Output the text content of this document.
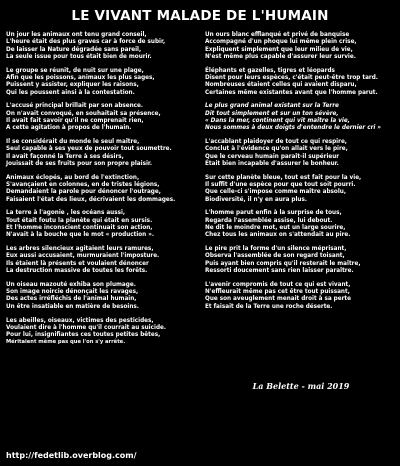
LE VIVANT MALADE DE L'HUMAIN
Un jour les animaux ont tenu grand conseil,
L'heure était des plus graves car à force de subir,
De laisser la Nature dégradée sans pareil,
La seule issue pour tous était bien de mourir.
Le groupe se réunit, de nuit sur une plage,
Afin que les poissons, animaux les plus sages,
Puissent y assister, expliquer les raisons,
Qui les poussent ainsi à la contestation.
L'accusé principal brillait par son absence.
On n'avait convoqué, en souhaitait sa présence,
Il avait fait savoir qu'il ne comprenait rien,
A cette agitation à propos de l'humain.
Il se considérait du monde le seul maître,
Seul capable à ses yeux de pouvoir tout soumettre.
Il avait façonné la Terre à ses désirs,
Jouissait de ses fruits pour son propre plaisir.
Animaux éclopés, au bord de l'extinction,
S'avançaient en colonnes, en de tristes légions,
Demandaient la parole pour dénoncer l'outrage,
Faisaient l'état des lieux, décrivaient les dommages.
La terre à l'agonie , les océans aussi,
Tout était foutu la planète qui était en sursis.
Et l'homme inconscient continuait son action,
N'avait à la bouche que le mot « production ».
Les arbres silencieux agitaient leurs ramures,
Eux aussi accusaient, murmuraient l'imposture.
Ils étaient là présents et voulaient dénoncer
La destruction massive de toutes les forêts.
Un oiseau mazouté exhiba son plumage.
Son image noircie dénonçait les ravages,
Des actes irréfléchis de l'animal humain,
Un être insatiable en matière de besoins.
Les abeilles, oiseaux, victimes des pesticides,
Voulaient dire à l'homme qu'il courrait au suicide.
Pour lui, insignifiantes ces toutes petites bêtes,
Méritaient même pas que l'on s'y arrête.
Un ours blanc efflanqué et privé de banquise
Accompagné d'un phoque lui même plein crise,
Expliquent simplement que leur milieu de vie,
N'est même plus capable d'assurer leur survie.
Éléphants et gazelles, tigres et léopards
Disent pour leurs espèces, c'était peut-être trop tard.
Nombreuses étaient celles qui avaient disparu,
Certaines même existantes avant que l'homme parut.
Le plus grand animal existant sur la Terre
Dit tout simplement et sur un ton sévère,
« Dans la mer, continent qui vit maître la vie,
Nous sommes à deux doigts d'entendre le dernier cri »
L'accablant plaidoyer de tout ce qui respire,
Conclut à l'évidence qu'on allait vers le pire,
Que le cerveau humain paraît-il supérieur
Était bien incapable d'assurer le bonheur.
Sur cette planète bleue, tout est fait pour la vie,
Il suffit d'une espèce pour que tout soit pourri.
Que celle-ci s'impose comme maître absolu,
Biodiversité, il n'y en aura plus.
L'homme parut enfin à la surprise de tous,
Regarda l'assemblée assise, lui debout.
Ne dit le moindre mot, eut un large sourire,
Chez tous les animaux on s'attendait au pire.
Le pire prit la forme d'un silence méprisant,
Observa l'assemblée de son regard toisant,
Puis ayant bien compris qu'il resterait le maître,
Ressorti doucement sans rien laisser paraître.
L'avenir compromis de tout ce qui est vivant,
N'effleurait même pas cet être tout puissant,
Que son aveuglement menait droit à sa perte
Et faisait de la Terre une roche déserte.
La Belette - mai 2019
http://fedetlib.overblog.com/
